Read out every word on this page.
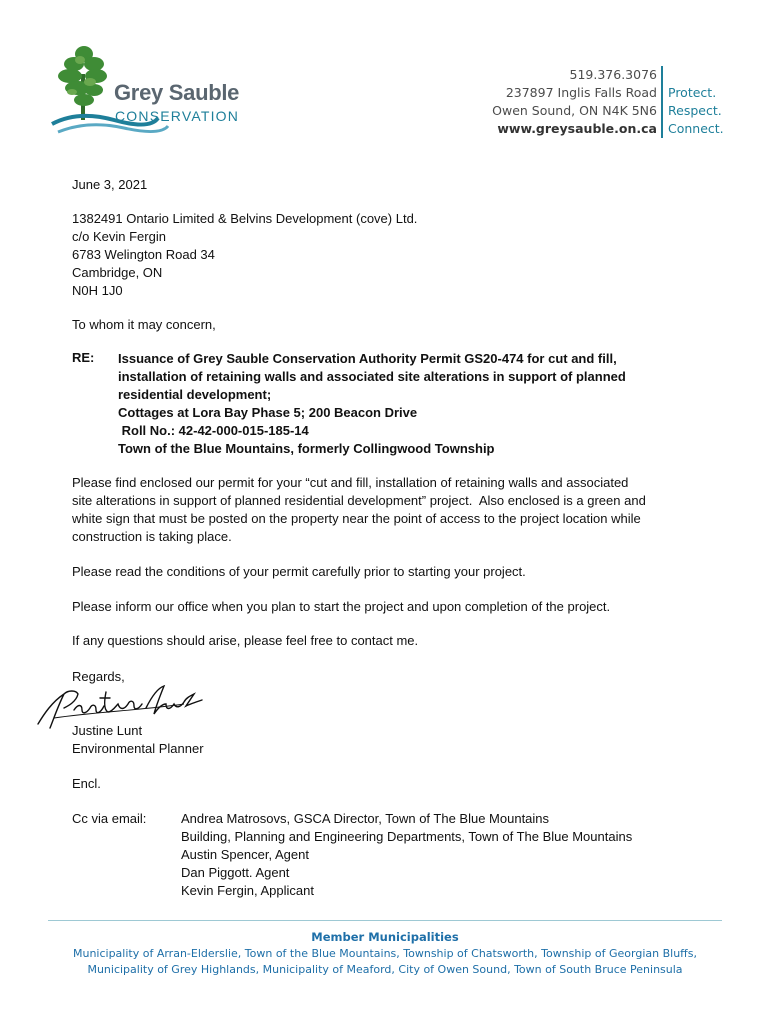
Grey Sauble
CONSERVATION
519.376.3076
237897 Inglis Falls Road
Owen Sound, ON N4K 5N6
www.greysauble.on.ca
Protect.
Respect.
Connect.
June 3, 2021
1382491 Ontario Limited & Belvins Development (cove) Ltd.
c/o Kevin Fergin
6783 Welington Road 34
Cambridge, ON
N0H 1J0
To whom it may concern,
RE: Issuance of Grey Sauble Conservation Authority Permit GS20-474 for cut and fill,
installation of retaining walls and associated site alterations in support of planned
residential development;
Cottages at Lora Bay Phase 5; 200 Beacon Drive
Roll No.: 42-42-000-015-185-14
Town of the Blue Mountains, formerly Collingwood Township
Please find enclosed our permit for your “cut and fill, installation of retaining walls and associated
site alterations in support of planned residential development” project.  Also enclosed is a green and
white sign that must be posted on the property near the point of access to the project location while
construction is taking place.
Please read the conditions of your permit carefully prior to starting your project.
Please inform our office when you plan to start the project and upon completion of the project.
If any questions should arise, please feel free to contact me.
Regards,
Justine Lunt
Environmental Planner
Encl.
Cc via email:	Andrea Matrosovs, GSCA Director, Town of The Blue Mountains
Building, Planning and Engineering Departments, Town of The Blue Mountains
Austin Spencer, Agent
Dan Piggott. Agent
Kevin Fergin, Applicant
Member Municipalities
Municipality of Arran-Elderslie, Town of the Blue Mountains, Township of Chatsworth, Township of Georgian Bluffs, Municipality of Grey Highlands, Municipality of Meaford, City of Owen Sound, Town of South Bruce Peninsula
